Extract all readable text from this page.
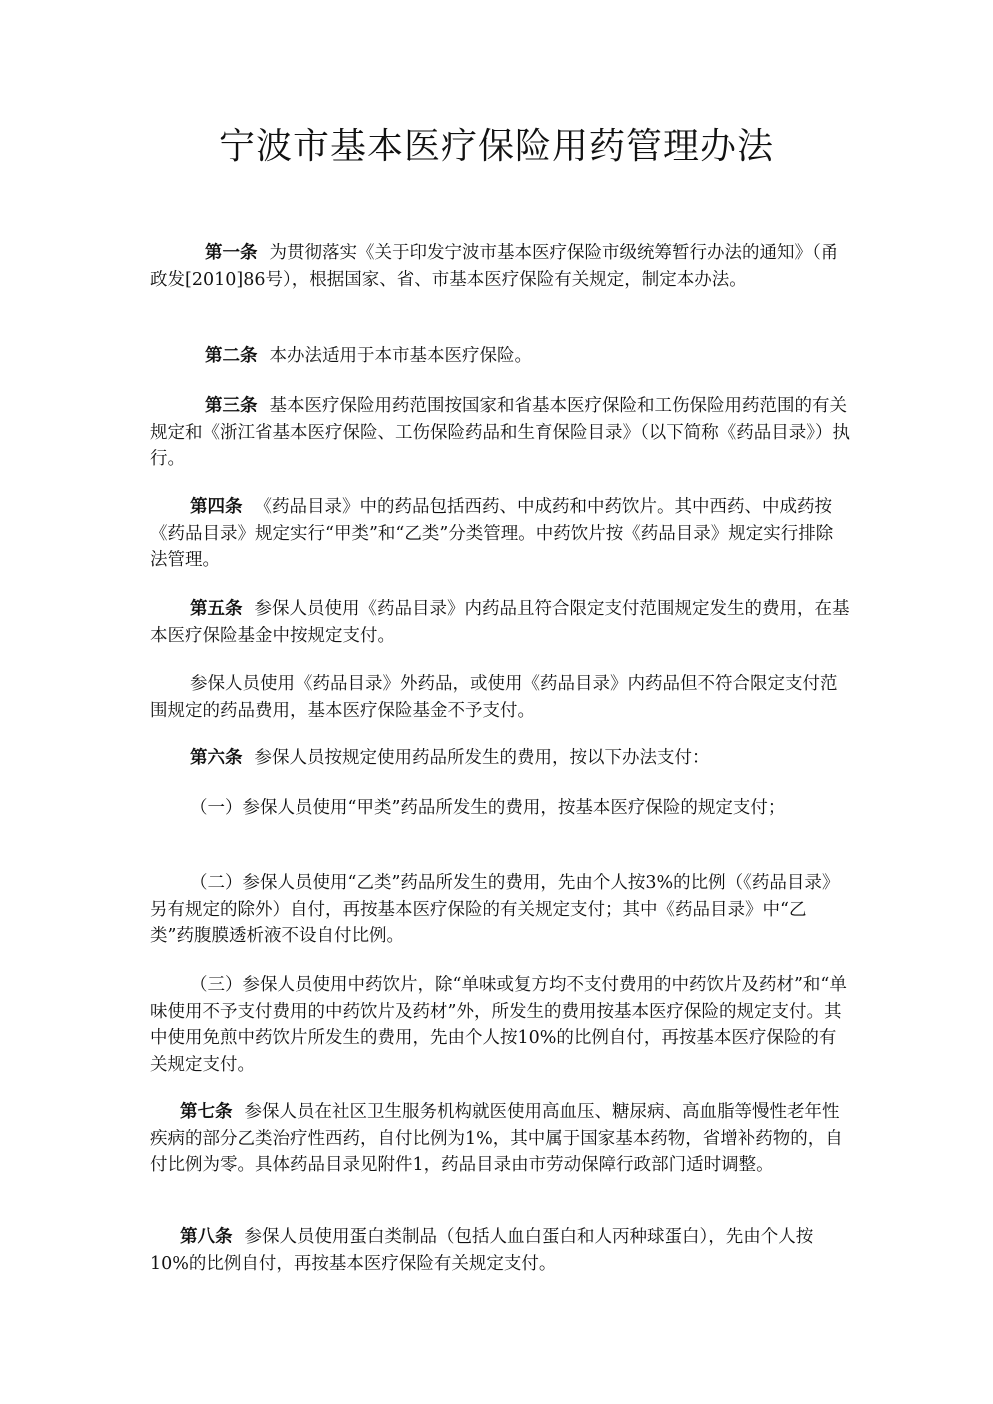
宁波市基本医疗保险用药管理办法

第一条 为贯彻落实《关于印发宁波市基本医疗保险市级统筹暂行办法的通知》（甬政发[2010]86号），根据国家、省、市基本医疗保险有关规定，制定本办法。

第二条 本办法适用于本市基本医疗保险。

第三条 基本医疗保险用药范围按国家和省基本医疗保险和工伤保险用药范围的有关规定和《浙江省基本医疗保险、工伤保险药品和生育保险目录》（以下简称《药品目录》）执行。

第四条 《药品目录》中的药品包括西药、中成药和中药饮片。其中西药、中成药按《药品目录》规定实行“甲类”和“乙类”分类管理。中药饮片按《药品目录》规定实行排除法管理。

第五条 参保人员使用《药品目录》内药品且符合限定支付范围规定发生的费用，在基本医疗保险基金中按规定支付。

参保人员使用《药品目录》外药品，或使用《药品目录》内药品但不符合限定支付范围规定的药品费用，基本医疗保险基金不予支付。

第六条 参保人员按规定使用药品所发生的费用，按以下办法支付：

（一）参保人员使用“甲类”药品所发生的费用，按基本医疗保险的规定支付；

（二）参保人员使用“乙类”药品所发生的费用，先由个人按3%的比例（《药品目录》另有规定的除外）自付，再按基本医疗保险的有关规定支付；其中《药品目录》中“乙类”药腹膜透析液不设自付比例。

（三）参保人员使用中药饮片，除“单味或复方均不支付费用的中药饮片及药材”和“单味使用不予支付费用的中药饮片及药材”外，所发生的费用按基本医疗保险的规定支付。其中使用免煎中药饮片所发生的费用，先由个人按10%的比例自付，再按基本医疗保险的有关规定支付。

第七条 参保人员在社区卫生服务机构就医使用高血压、糖尿病、高血脂等慢性老年性疾病的部分乙类治疗性西药，自付比例为1%，其中属于国家基本药物，省增补药物的，自付比例为零。具体药品目录见附件1，药品目录由市劳动保障行政部门适时调整。

第八条 参保人员使用蛋白类制品（包括人血白蛋白和人丙种球蛋白），先由个人按10%的比例自付，再按基本医疗保险有关规定支付。
